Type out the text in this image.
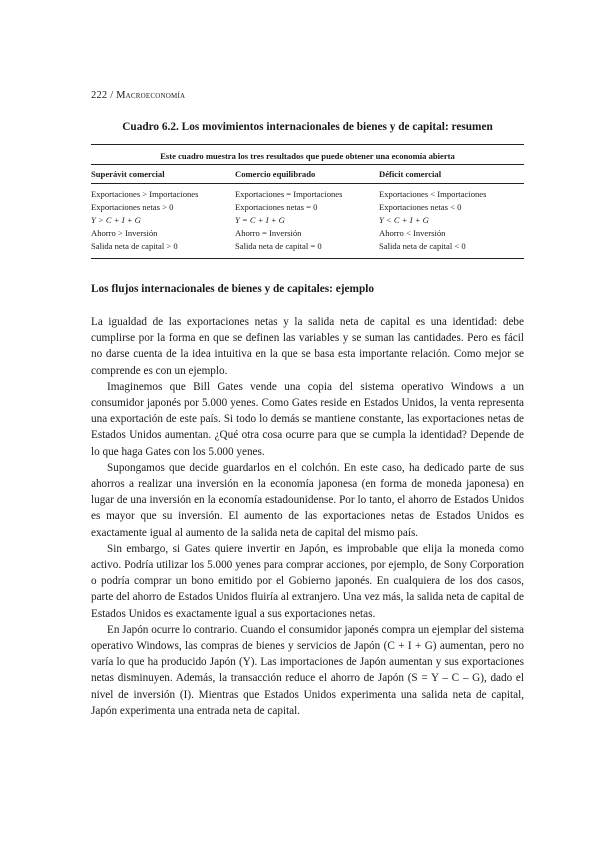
222 / Macroeconomía
Cuadro 6.2. Los movimientos internacionales de bienes y de capital: resumen
Este cuadro muestra los tres resultados que puede obtener una economía abierta
Superávit comercial	Comercio equilibrado	Déficit comercial
Exportaciones > Importaciones
Exportaciones netas > 0
Y > C + I + G
Ahorro > Inversión
Salida neta de capital > 0
Exportaciones = Importaciones
Exportaciones netas = 0
Y = C + I + G
Ahorro = Inversión
Salida neta de capital = 0
Exportaciones < Importaciones
Exportaciones netas < 0
Y < C + I + G
Ahorro < Inversión
Salida neta de capital < 0
Los flujos internacionales de bienes y de capitales: ejemplo

La igualdad de las exportaciones netas y la salida neta de capital es una identidad: debe cumplirse por la forma en que se definen las variables y se suman las cantidades. Pero es fácil no darse cuenta de la idea intuitiva en la que se basa esta importante relación. Como mejor se comprende es con un ejemplo.

Imaginemos que Bill Gates vende una copia del sistema operativo Windows a un consumidor japonés por 5.000 yenes. Como Gates reside en Estados Unidos, la venta representa una exportación de este país. Si todo lo demás se mantiene constante, las exportaciones netas de Estados Unidos aumentan. ¿Qué otra cosa ocurre para que se cumpla la identidad? Depende de lo que haga Gates con los 5.000 yenes.

Supongamos que decide guardarlos en el colchón. En este caso, ha dedicado parte de sus ahorros a realizar una inversión en la economía japonesa (en forma de moneda japonesa) en lugar de una inversión en la economía estadounidense. Por lo tanto, el ahorro de Estados Unidos es mayor que su inversión. El aumento de las exportaciones netas de Estados Unidos es exactamente igual al aumento de la salida neta de capital del mismo país.

Sin embargo, si Gates quiere invertir en Japón, es improbable que elija la moneda como activo. Podría utilizar los 5.000 yenes para comprar acciones, por ejemplo, de Sony Corporation o podría comprar un bono emitido por el Gobierno japonés. En cualquiera de los dos casos, parte del ahorro de Estados Unidos fluiría al extranjero. Una vez más, la salida neta de capital de Estados Unidos es exactamente igual a sus exportaciones netas.

En Japón ocurre lo contrario. Cuando el consumidor japonés compra un ejemplar del sistema operativo Windows, las compras de bienes y servicios de Japón (C + I + G) aumentan, pero no varía lo que ha producido Japón (Y). Las importaciones de Japón aumentan y sus exportaciones netas disminuyen. Además, la transacción reduce el ahorro de Japón (S = Y – C – G), dado el nivel de inversión (I). Mientras que Estados Unidos experimenta una salida neta de capital, Japón experimenta una entrada neta de capital.
